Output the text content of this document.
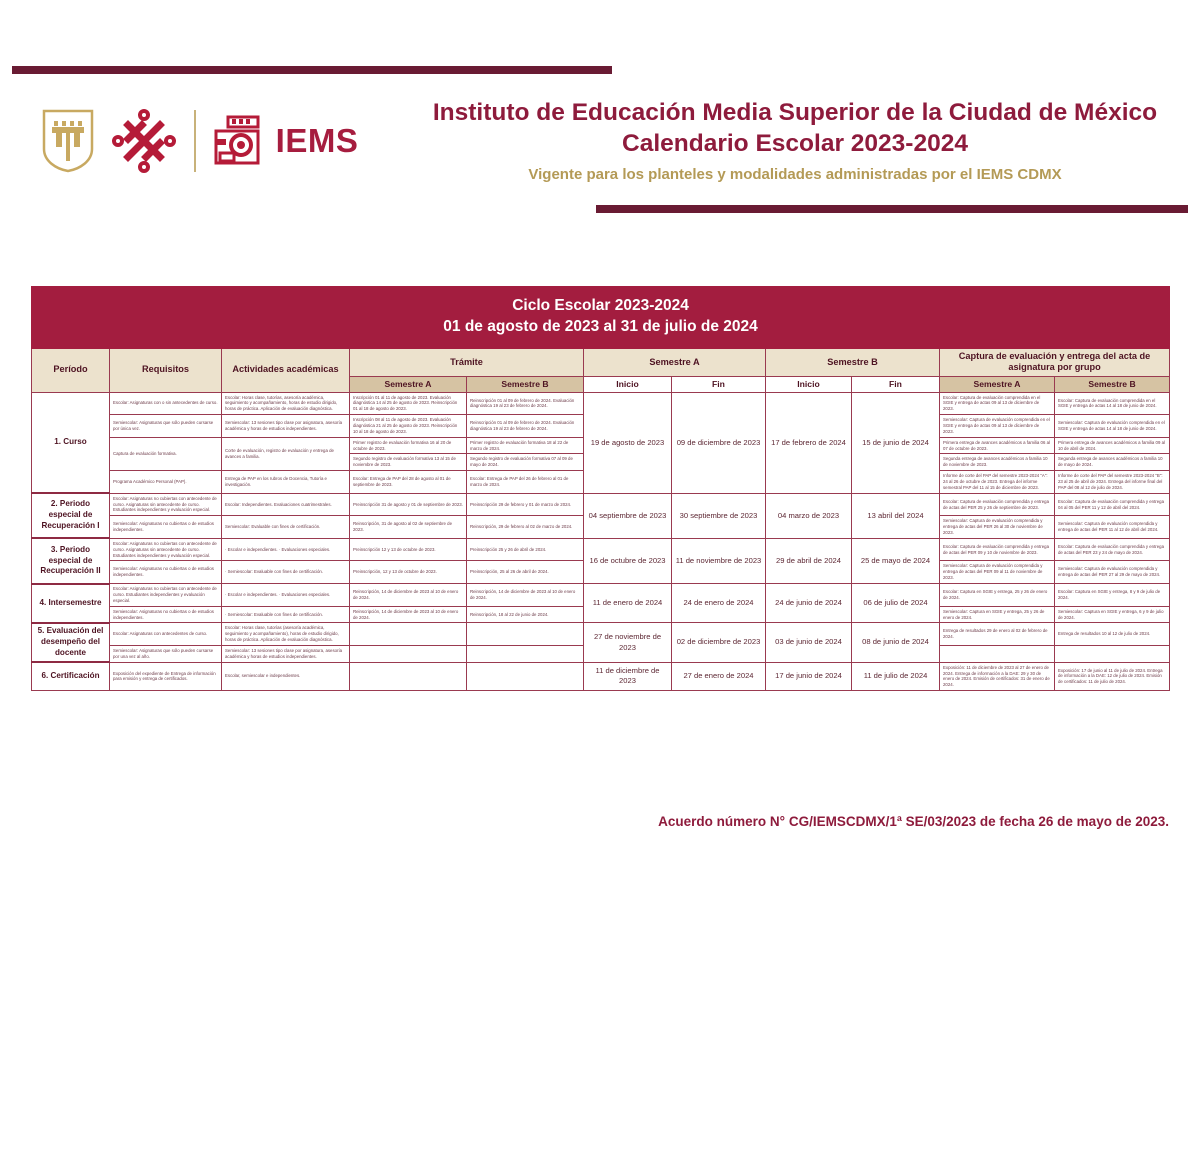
IEMS
Instituto de Educación Media Superior de la Ciudad de México
Calendario Escolar 2023-2024
Vigente para los planteles y modalidades administradas por el IEMS CDMX
Ciclo Escolar 2023-2024
01 de agosto de 2023 al 31 de julio de 2024										

Período	Requisitos	Actividades académicas	Trámite		Semestre A		Semestre B		Captura de evaluación y entrega del acta de asignatura por grupo	
			Semestre A	Semestre B	Inicio	Fin	Inicio	Fin	Semestre A	Semestre B
1. Curso	Escolar: Asignaturas con o sin antecedentes de curso.	Escolar: Horas clase, tutorías, asesoría académica, seguimiento y acompañamiento, horas de estudio dirigido, horas de práctica. Aplicación de evaluación diagnóstica.	Inscripción 01 al 11 de agosto de 2023. Evaluación diagnóstica 14 al 25 de agosto de 2023. Reinscripción 01 al 18 de agosto de 2023.	Reinscripción 01 al 09 de febrero de 2024. Evaluación diagnóstica 19 al 23 de febrero de 2024.	19 de agosto de 2023	09 de diciembre de 2023	17 de febrero de 2024	15 de junio de 2024	Escolar: Captura de evaluación comprendida en el SGIE y entrega de actas 09 al 13 de diciembre de 2023.	Escolar: Captura de evaluación comprendida en el SGIE y entrega de actas 14 al 18 de junio de 2024.
	Semiescolar: Asignaturas que sólo pueden cursarse por única vez.	Semiescolar: 13 sesiones tipo clase por asignatura, asesoría académica y horas de estudios independientes.	Inscripción 08 al 11 de agosto de 2023. Evaluación diagnóstica 21 al 25 de agosto de 2023. Reinscripción 10 al 18 de agosto de 2023.	Reinscripción 01 al 09 de febrero de 2024. Evaluación diagnóstica 19 al 23 de febrero de 2024.					Semiescolar: Captura de evaluación comprendida en el SGIE y entrega de actas 09 al 13 de diciembre de 2023.	Semiescolar: Captura de evaluación comprendida en el SGIE y entrega de actas 14 al 18 de junio de 2024.
	Captura de evaluación formativa.	Corte de evaluación, registro de evaluación y entrega de avances a familia.	Primer registro de evaluación formativa 16 al 20 de octubre de 2023.	Primer registro de evaluación formativa 18 al 22 de marzo de 2024.					Primera entrega de avances académicos a familia 06 al 07 de octubre de 2023.	Primera entrega de avances académicos a familia 09 al 10 de abril de 2024.
			Segundo registro de evaluación formativa 13 al 15 de noviembre de 2023.	Segundo registro de evaluación formativa 07 al 09 de mayo de 2024.					Segunda entrega de avances académicos a familia 10 de noviembre de 2023.	Segunda entrega de avances académicos a familia 10 de mayo de 2024.
	Programa Académico Personal (PAP).	Entrega de PAP en los rubros de Docencia, Tutoría e investigación.	Escolar: Entrega de PAP del 28 de agosto al 01 de septiembre de 2023.	Escolar: Entrega de PAP del 26 de febrero al 01 de marzo de 2024.					Informe de corte del PAP del semestre 2023-2024 "A": 24 al 26 de octubre de 2023. Entrega del informe semestral PAP del 11 al 15 de diciembre de 2023.	Informe de corte del PAP del semestre 2023-2024 "B": 23 al 25 de abril de 2024. Entrega del informe final del PAP del 08 al 12 de julio de 2024.
2. Periodo especial de Recuperación I	Escolar: Asignaturas no cubiertas con antecedente de curso. Asignaturas sin antecedente de curso. Estudiantes independientes y evaluación especial.	Escolar: Independientes. Evaluaciones cuatrimestrales.	Preinscripción 31 de agosto y 01 de septiembre de 2023.	Preinscripción 29 de febrero y 01 de marzo de 2024.	04 septiembre de 2023	30 septiembre de 2023	04 marzo de 2023	13 abril del 2024	Escolar: Captura de evaluación comprendida y entrega de actas del PER 25 y 26 de septiembre de 2023.	Escolar: Captura de evaluación comprendida y entrega 04 al 05 del PER 11 y 12 de abril del 2024.
	Semiescolar: Asignaturas no cubiertas o de estudios independientes.	Semiescolar: Evaluable con fines de certificación.	Reinscripción, 31 de agosto al 02 de septiembre de 2023.	Reinscripción, 29 de febrero al 02 de marzo de 2024.					Semiescolar: Captura de evaluación comprendida y entrega de actas del PER 26 al 30 de noviembre de 2023.	Semiescolar: Captura de evaluación comprendida y entrega de actas del PER 11 al 12 de abril del 2024.
3. Periodo especial de Recuperación II	Escolar: Asignaturas no cubiertas con antecedente de curso. Asignaturas sin antecedente de curso. Estudiantes independientes y evaluación especial.	· Escolar e independientes. · Evaluaciones especiales.	Preinscripción 12 y 13 de octubre de 2023.	Preinscripción 25 y 26 de abril de 2024.	16 de octubre de 2023	11 de noviembre de 2023	29 de abril de 2024	25 de mayo de 2024	Escolar: Captura de evaluación comprendida y entrega de actas del PER 09 y 10 de noviembre de 2023.	Escolar: Captura de evaluación comprendida y entrega de actas del PER 23 y 24 de mayo de 2024.
	Semiescolar: Asignaturas no cubiertas o de estudios independientes.	· Semiescolar: Evaluable con fines de certificación.	Preinscripción, 12 y 13 de octubre de 2023.	Preinscripción, 25 al 26 de abril de 2024.					Semiescolar: Captura de evaluación comprendida y entrega de actas del PER 09 al 11 de noviembre de 2023.	Semiescolar: Captura de evaluación comprendida y entrega de actas del PER 27 al 29 de mayo de 2024.
4. Intersemestre	Escolar: Asignaturas no cubiertas con antecedente de curso. Estudiantes independientes y evaluación especial.	· Escolar e independientes. · Evaluaciones especiales.	Reinscripción, 14 de diciembre de 2023 al 10 de enero de 2024.	Reinscripción, 14 de diciembre de 2023 al 10 de enero de 2024.	11 de enero de 2024	24 de enero de 2024	24 de junio de 2024	06 de julio de 2024	Escolar: Captura en SGIE y entrega, 25 y 26 de enero de 2024.	Escolar: Captura en SGIE y entrega, 8 y 9 de julio de 2024.
	Semiescolar: Asignaturas no cubiertas o de estudios independientes.	· Semiescolar: Evaluable con fines de certificación.	Reinscripción, 14 de diciembre de 2023 al 10 de enero de 2024.	Reinscripción, 18 al 22 de junio de 2024.					Semiescolar: Captura en SGIE y entrega, 25 y 26 de enero de 2024.	Semiescolar: Captura en SGIE y entrega, 6 y 9 de julio de 2024.
5. Evaluación del desempeño del docente	Escolar: Asignaturas con antecedentes de curso.	Escolar: Horas clase, tutorías (asesoría académica, seguimiento y acompañamiento), horas de estudio dirigido, horas de práctica. Aplicación de evaluación diagnóstica.			27 de noviembre de 2023	02 de diciembre de 2023	03 de junio de 2024	08 de junio de 2024	Entrega de resultados 29 de enero al 02 de febrero de 2024.	Entrega de resultados 10 al 12 de julio de 2024.
	Semiescolar: Asignaturas que sólo pueden cursarse por una vez al año.	Semiescolar: 13 sesiones tipo clase por asignatura, asesoría académica y horas de estudios independientes.								
6. Certificación	Exposición del expediente de Entrega de información para emisión y entrega de certificados.	Escolar, semiescolar e independientes.			11 de diciembre de 2023	27 de enero de 2024	17 de junio de 2024	11 de julio de 2024	Exposición: 11 de diciembre de 2023 al 27 de enero de 2024. Entrega de información a la DAE: 29 y 30 de enero de 2024. Emisión de certificados: 31 de enero de 2024.	Exposición: 17 de junio al 11 de julio de 2024. Entrega de información a la DAE: 12 de julio de 2024. Emisión de certificados: 11 de julio de 2024.
Acuerdo número N° CG/IEMSCDMX/1ª SE/03/2023 de fecha 26 de mayo de 2023.
